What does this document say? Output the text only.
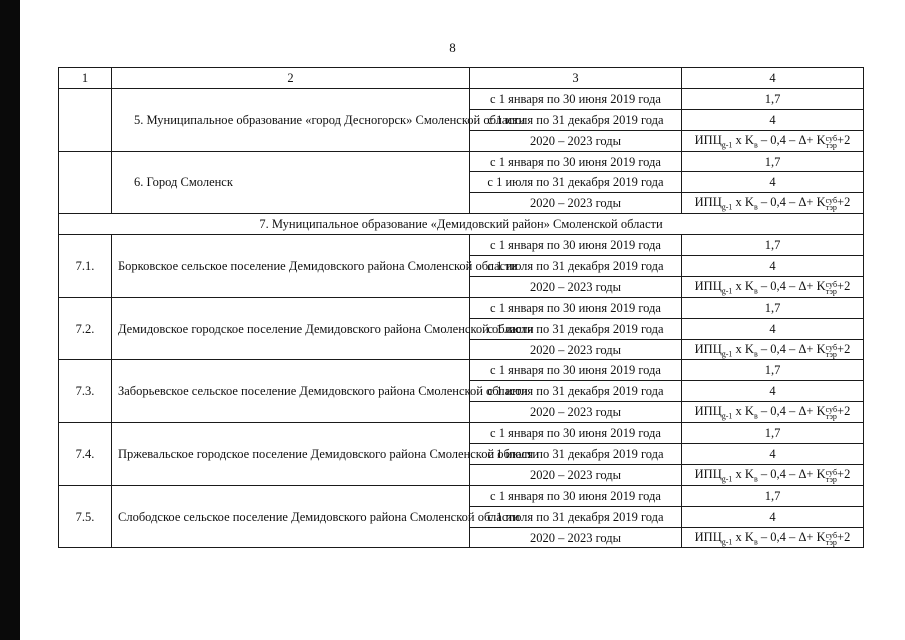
8
1	2	3	4
	5. Муниципальное образование «город Десногорск» Смоленской области	с 1 января по 30 июня 2019 года	1,7
		с 1 июля по 31 декабря 2019 года	4
		2020 – 2023 годы	$ИПЦ_{g-1}$ x $K_в - 0,4 - \Delta+ K^{суб тэр}+2$
	6. Город Смоленск	с 1 января по 30 июня 2019 года	1,7
		с 1 июля по 31 декабря 2019 года	4
		2020 – 2023 годы	$ИПЦ_{g-1}$ x $K_в - 0,4 - \Delta+ K^{суб тэр}+2$
7. Муниципальное образование «Демидовский район» Смоленской области			
7.1.	Борковское сельское поселение Демидовского района Смоленской области	с 1 января по 30 июня 2019 года	1,7
		с 1 июля по 31 декабря 2019 года	4
		2020 – 2023 годы	$ИПЦ_{g-1}$ x $K_в - 0,4 - \Delta+ K^{суб тэр}+2$
7.2.	Демидовское городское поселение Демидовского района Смоленской области	с 1 января по 30 июня 2019 года	1,7
		с 1 июля по 31 декабря 2019 года	4
		2020 – 2023 годы	$ИПЦ_{g-1}$ x $K_в - 0,4 - \Delta+ K^{суб тэр}+2$
7.3.	Заборьевское сельское поселение Демидовского района Смоленской области	с 1 января по 30 июня 2019 года	1,7
		с 1 июля по 31 декабря 2019 года	4
		2020 – 2023 годы	$ИПЦ_{g-1}$ x $K_в - 0,4 - \Delta+ K^{суб тэр}+2$
7.4.	Пржевальское городское поселение Демидовского района Смоленской области	с 1 января по 30 июня 2019 года	1,7
		с 1 июля по 31 декабря 2019 года	4
		2020 – 2023 годы	$ИПЦ_{g-1}$ x $K_в - 0,4 - \Delta+ K^{суб тэр}+2$
7.5.	Слободское сельское поселение Демидовского района Смоленской области	с 1 января по 30 июня 2019 года	1,7
		с 1 июля по 31 декабря 2019 года	4
		2020 – 2023 годы	$ИПЦ_{g-1}$ x $K_в - 0,4 - \Delta+ K^{суб тэр}+2$
